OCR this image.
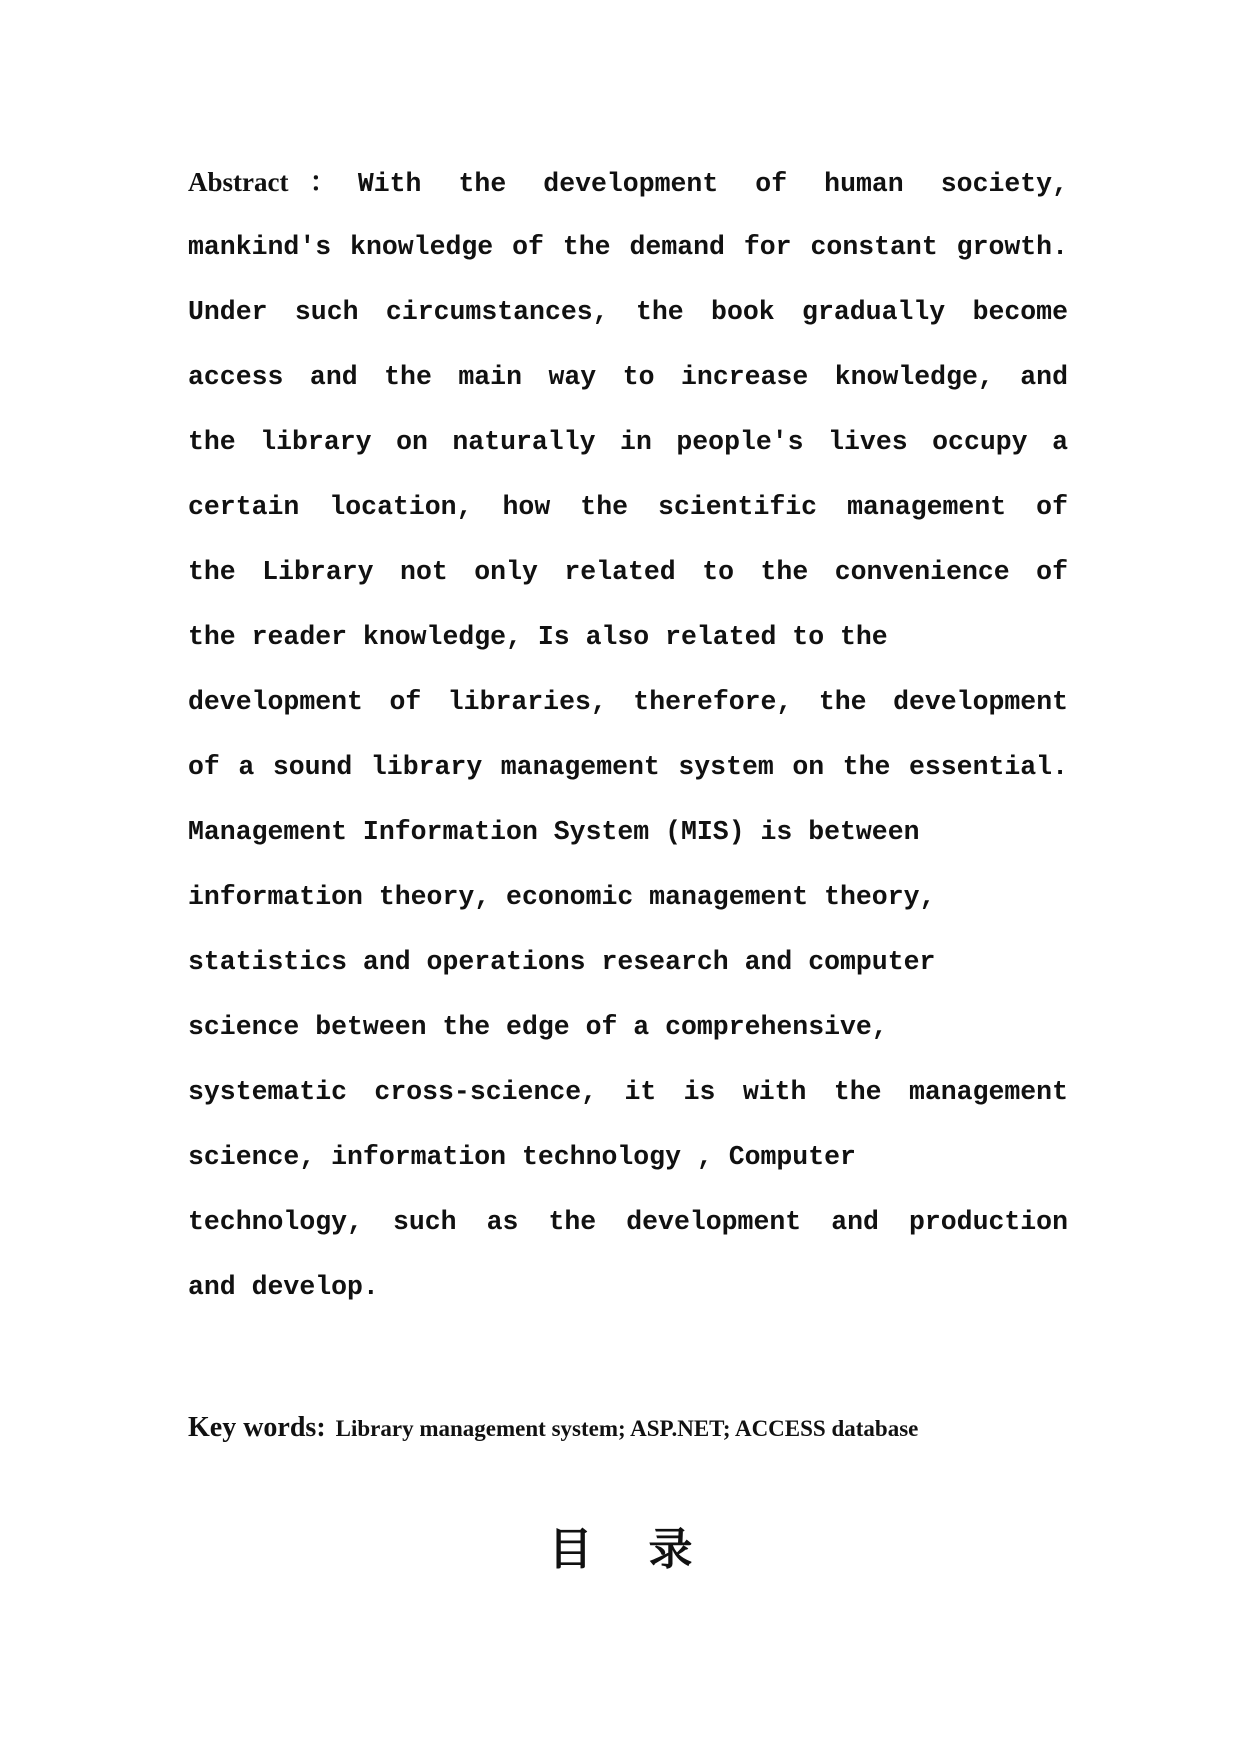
Abstract：With the development of human society,
mankind's knowledge of the demand for constant growth.
Under such circumstances, the book gradually become
access and the main way to increase knowledge, and
the library on naturally in people's lives occupy a
certain location, how the scientific management of
the Library not only related to the convenience of
the reader knowledge, Is also related to the
development of libraries, therefore, the development
of a sound library management system on the essential.
Management Information System (MIS) is between
information theory, economic management theory,
statistics and operations research and computer
science between the edge of a comprehensive,
systematic cross-science, it is with the management
science, information technology , Computer
technology, such as the development and production
and develop.
Key words: Library management system; ASP.NET; ACCESS database
目录
